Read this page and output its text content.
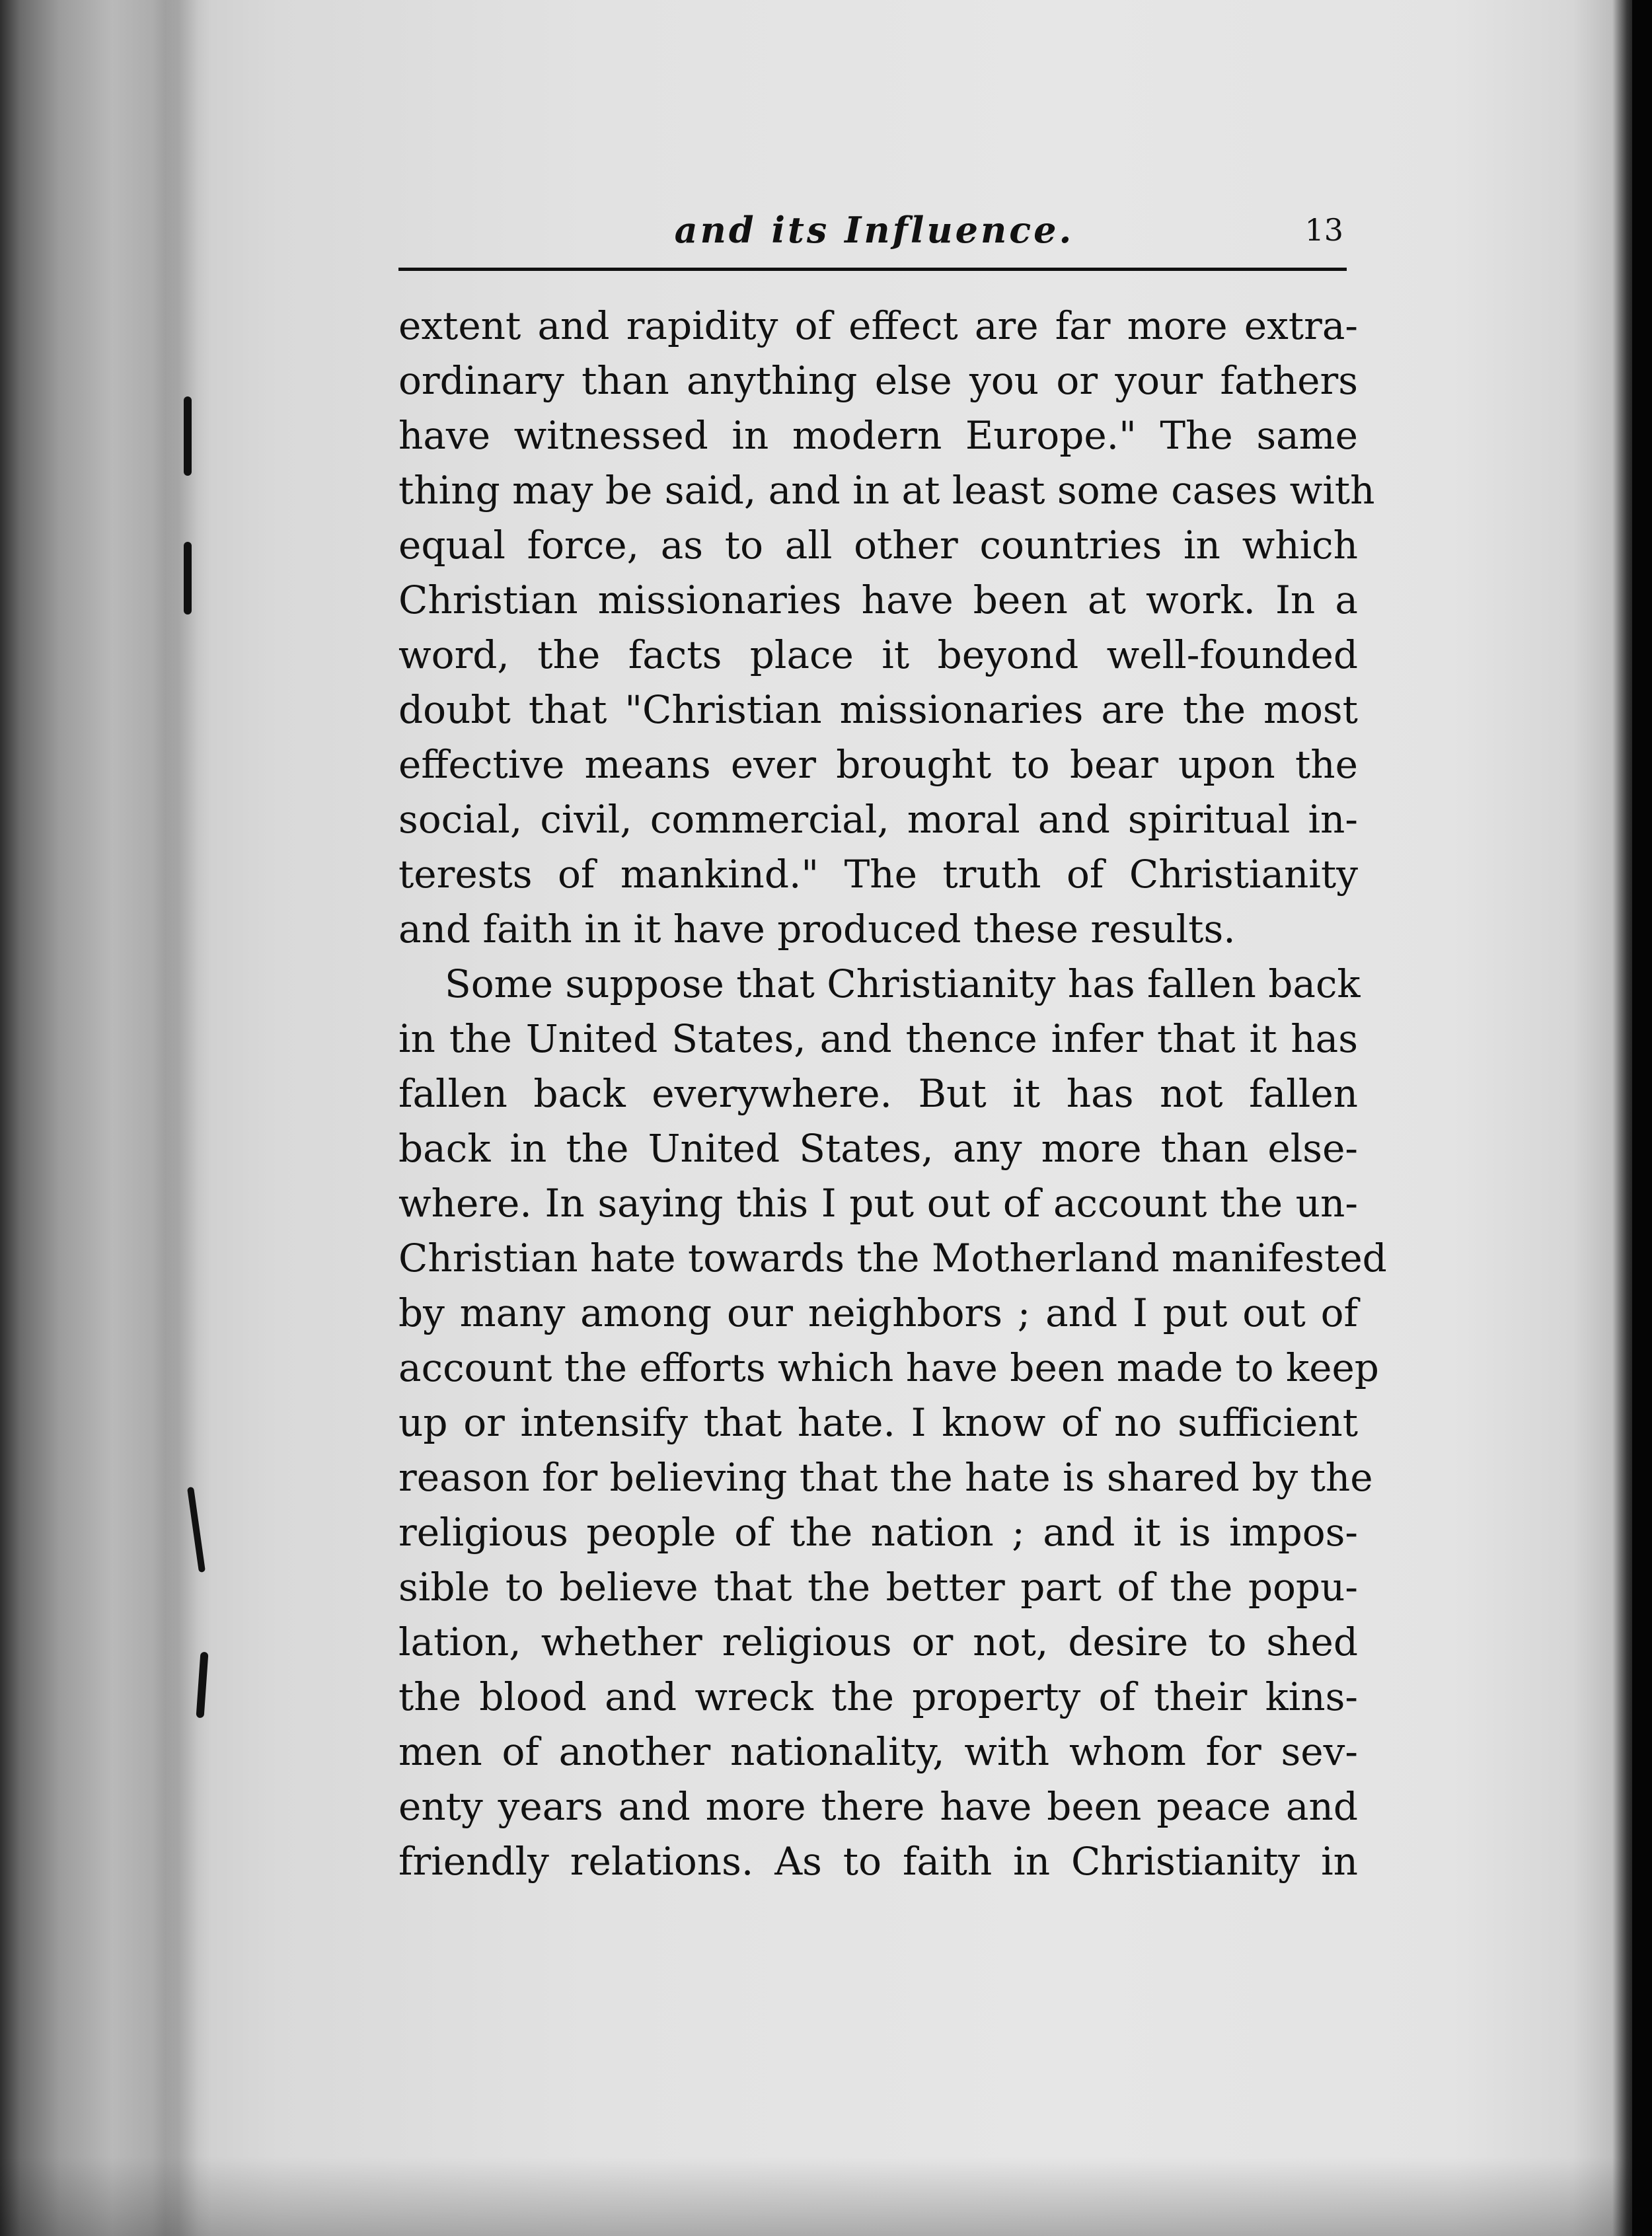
and its Influence.	13
extent and rapidity of effect are far more extra-
ordinary than anything else you or your fathers
have witnessed in modern Europe." The same
thing may be said, and in at least some cases with
equal force, as to all other countries in which
Christian missionaries have been at work. In a
word, the facts place it beyond well-founded
doubt that "Christian missionaries are the most
effective means ever brought to bear upon the
social, civil, commercial, moral and spiritual in-
terests of mankind." The truth of Christianity
and faith in it have produced these results.
Some suppose that Christianity has fallen back
in the United States, and thence infer that it has
fallen back everywhere. But it has not fallen
back in the United States, any more than else-
where. In saying this I put out of account the un-
Christian hate towards the Motherland manifested
by many among our neighbors ; and I put out of
account the efforts which have been made to keep
up or intensify that hate. I know of no sufficient
reason for believing that the hate is shared by the
religious people of the nation ; and it is impos-
sible to believe that the better part of the popu-
lation, whether religious or not, desire to shed
the blood and wreck the property of their kins-
men of another nationality, with whom for sev-
enty years and more there have been peace and
friendly relations. As to faith in Christianity in
